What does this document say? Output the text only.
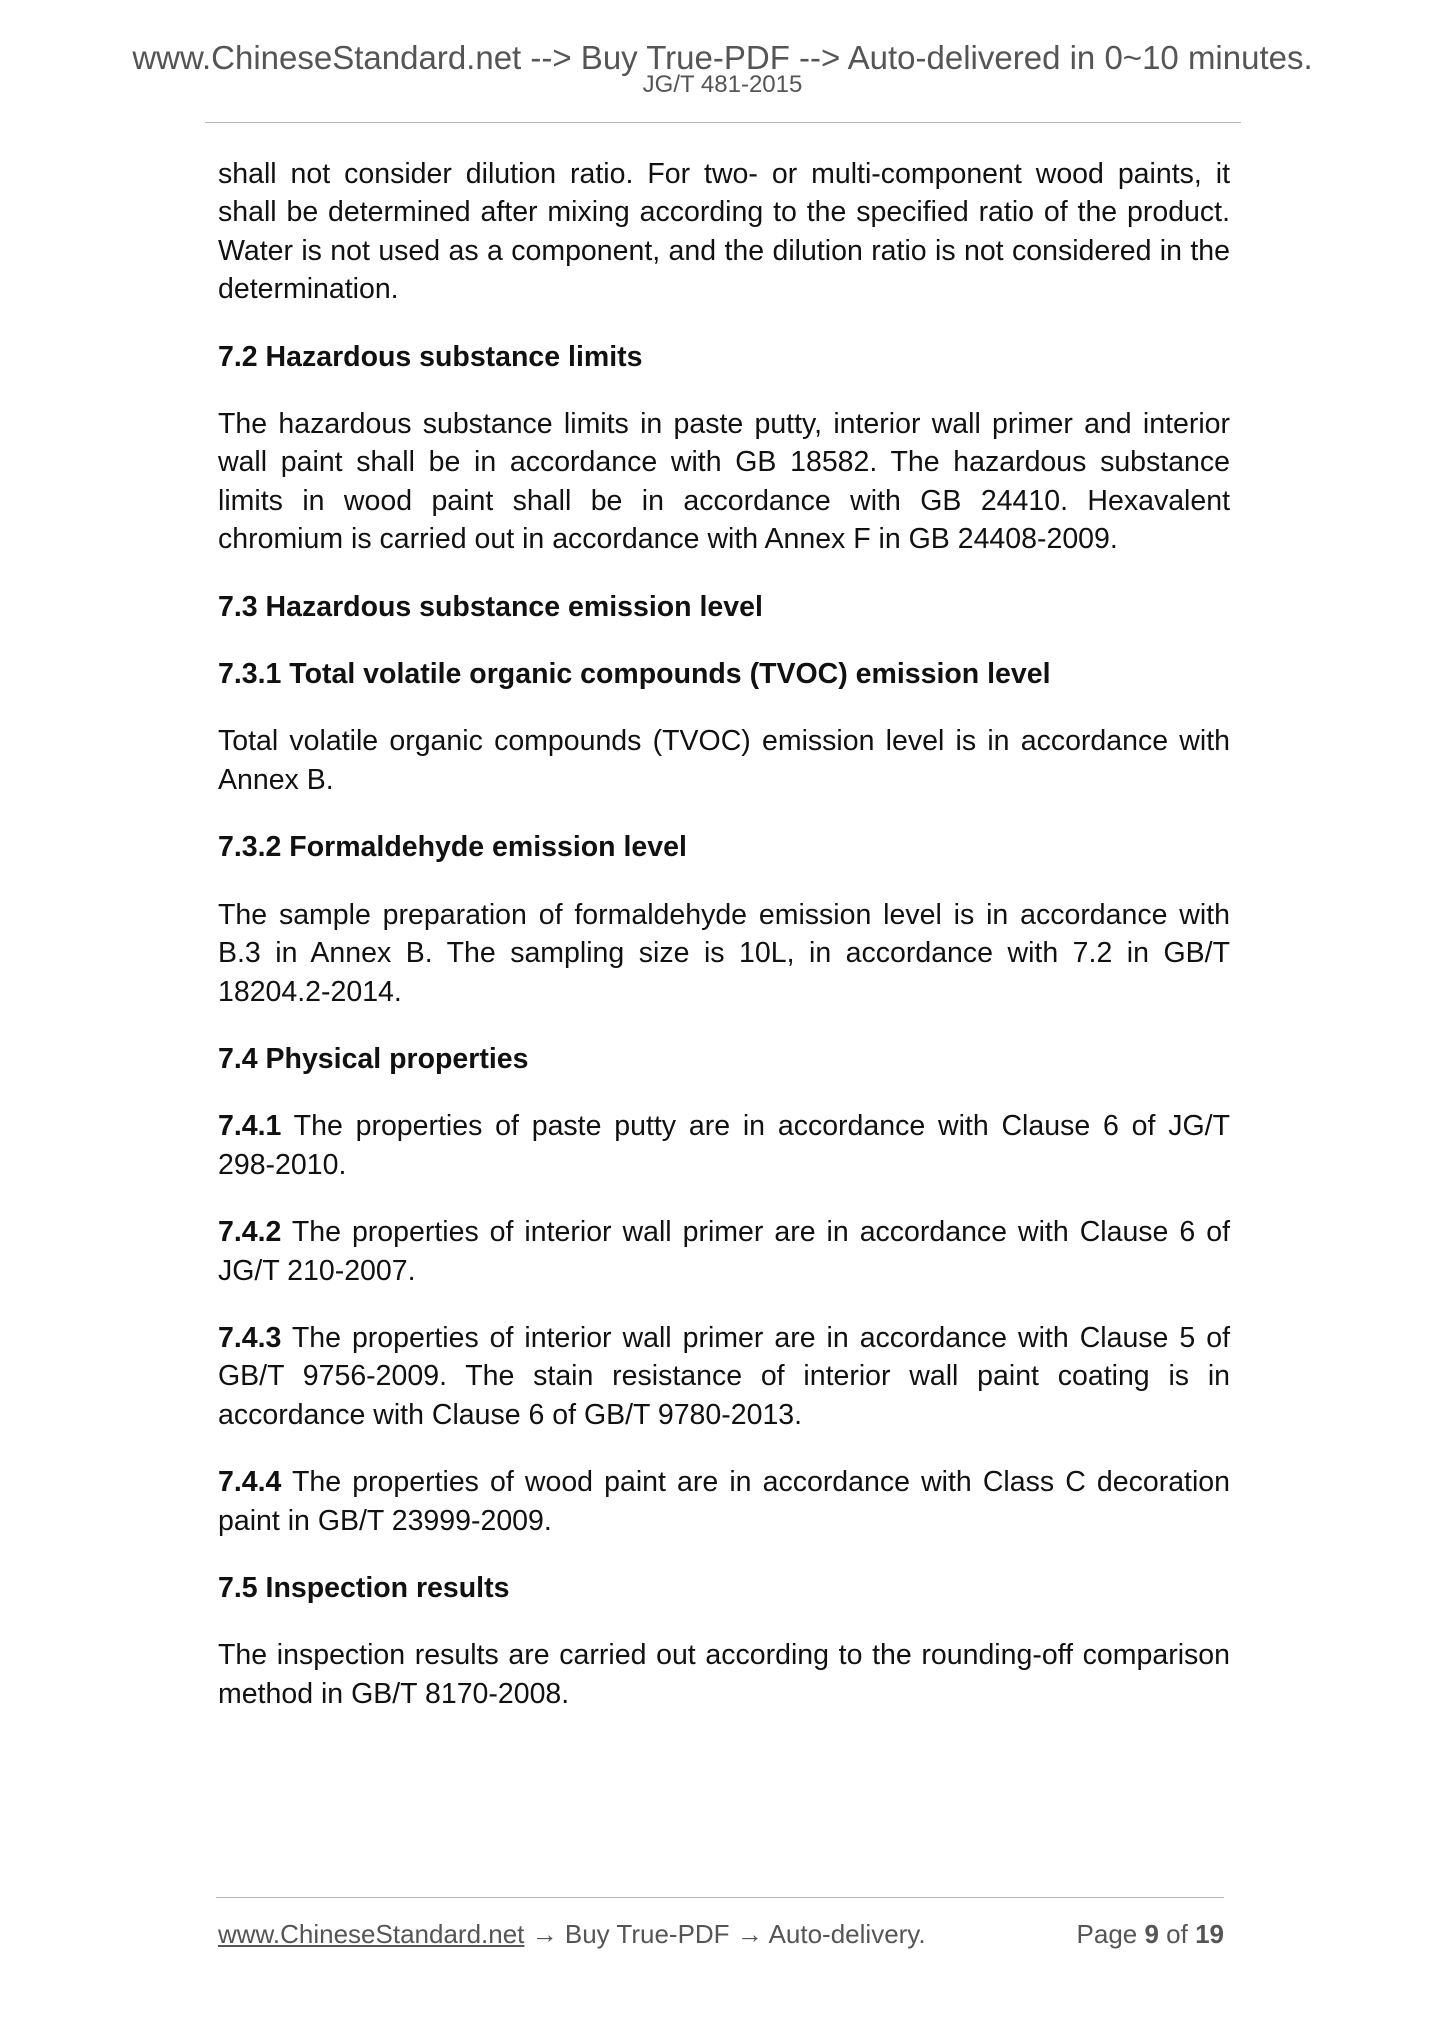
www.ChineseStandard.net --> Buy True-PDF --> Auto-delivered in 0~10 minutes.
JG/T 481-2015

shall not consider dilution ratio. For two- or multi-component wood paints, it shall be determined after mixing according to the specified ratio of the product. Water is not used as a component, and the dilution ratio is not considered in the determination.

7.2 Hazardous substance limits

The hazardous substance limits in paste putty, interior wall primer and interior wall paint shall be in accordance with GB 18582. The hazardous substance limits in wood paint shall be in accordance with GB 24410. Hexavalent chromium is carried out in accordance with Annex F in GB 24408-2009.

7.3 Hazardous substance emission level
7.3.1 Total volatile organic compounds (TVOC) emission level

Total volatile organic compounds (TVOC) emission level is in accordance with Annex B.

7.3.2 Formaldehyde emission level

The sample preparation of formaldehyde emission level is in accordance with B.3 in Annex B. The sampling size is 10L, in accordance with 7.2 in GB/T 18204.2-2014.

7.4 Physical properties

7.4.1 The properties of paste putty are in accordance with Clause 6 of JG/T 298-2010.

7.4.2 The properties of interior wall primer are in accordance with Clause 6 of JG/T 210-2007.

7.4.3 The properties of interior wall primer are in accordance with Clause 5 of GB/T 9756-2009. The stain resistance of interior wall paint coating is in accordance with Clause 6 of GB/T 9780-2013.

7.4.4 The properties of wood paint are in accordance with Class C decoration paint in GB/T 23999-2009.

7.5 Inspection results

The inspection results are carried out according to the rounding-off comparison method in GB/T 8170-2008.

www.ChineseStandard.net → Buy True-PDF → Auto-delivery.	Page 9 of 19
